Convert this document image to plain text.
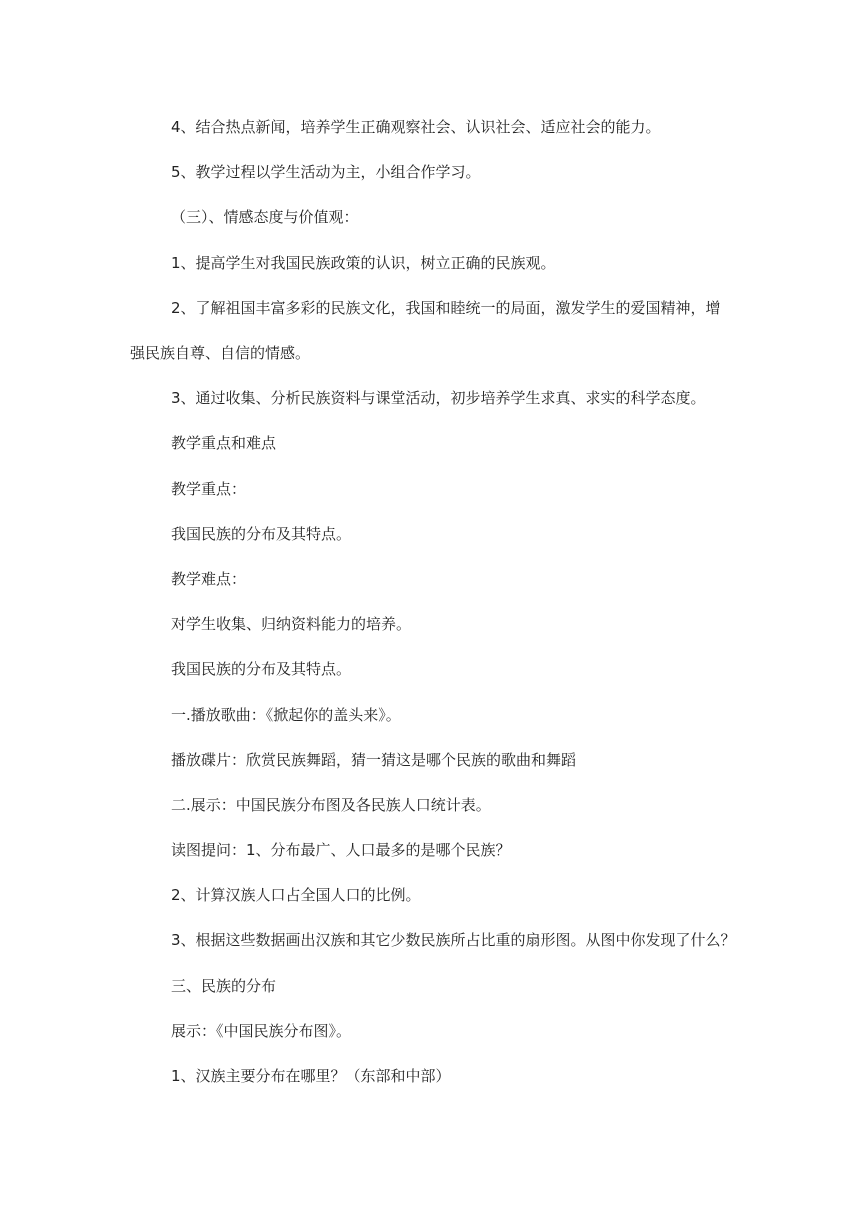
4、结合热点新闻，培养学生正确观察社会、认识社会、适应社会的能力。
5、教学过程以学生活动为主，小组合作学习。
（三）、情感态度与价值观：
1、提高学生对我国民族政策的认识，树立正确的民族观。
2、了解祖国丰富多彩的民族文化，我国和睦统一的局面，激发学生的爱国精神，增
强民族自尊、自信的情感。
3、通过收集、分析民族资料与课堂活动，初步培养学生求真、求实的科学态度。
教学重点和难点
教学重点：
我国民族的分布及其特点。
教学难点：
对学生收集、归纳资料能力的培养。
我国民族的分布及其特点。
一.播放歌曲：《掀起你的盖头来》。
播放碟片：欣赏民族舞蹈，猜一猜这是哪个民族的歌曲和舞蹈
二.展示：中国民族分布图及各民族人口统计表。
读图提问：1、分布最广、人口最多的是哪个民族？
2、计算汉族人口占全国人口的比例。
3、根据这些数据画出汉族和其它少数民族所占比重的扇形图。从图中你发现了什么？
三、民族的分布
展示：《中国民族分布图》。
1、汉族主要分布在哪里？（东部和中部）
